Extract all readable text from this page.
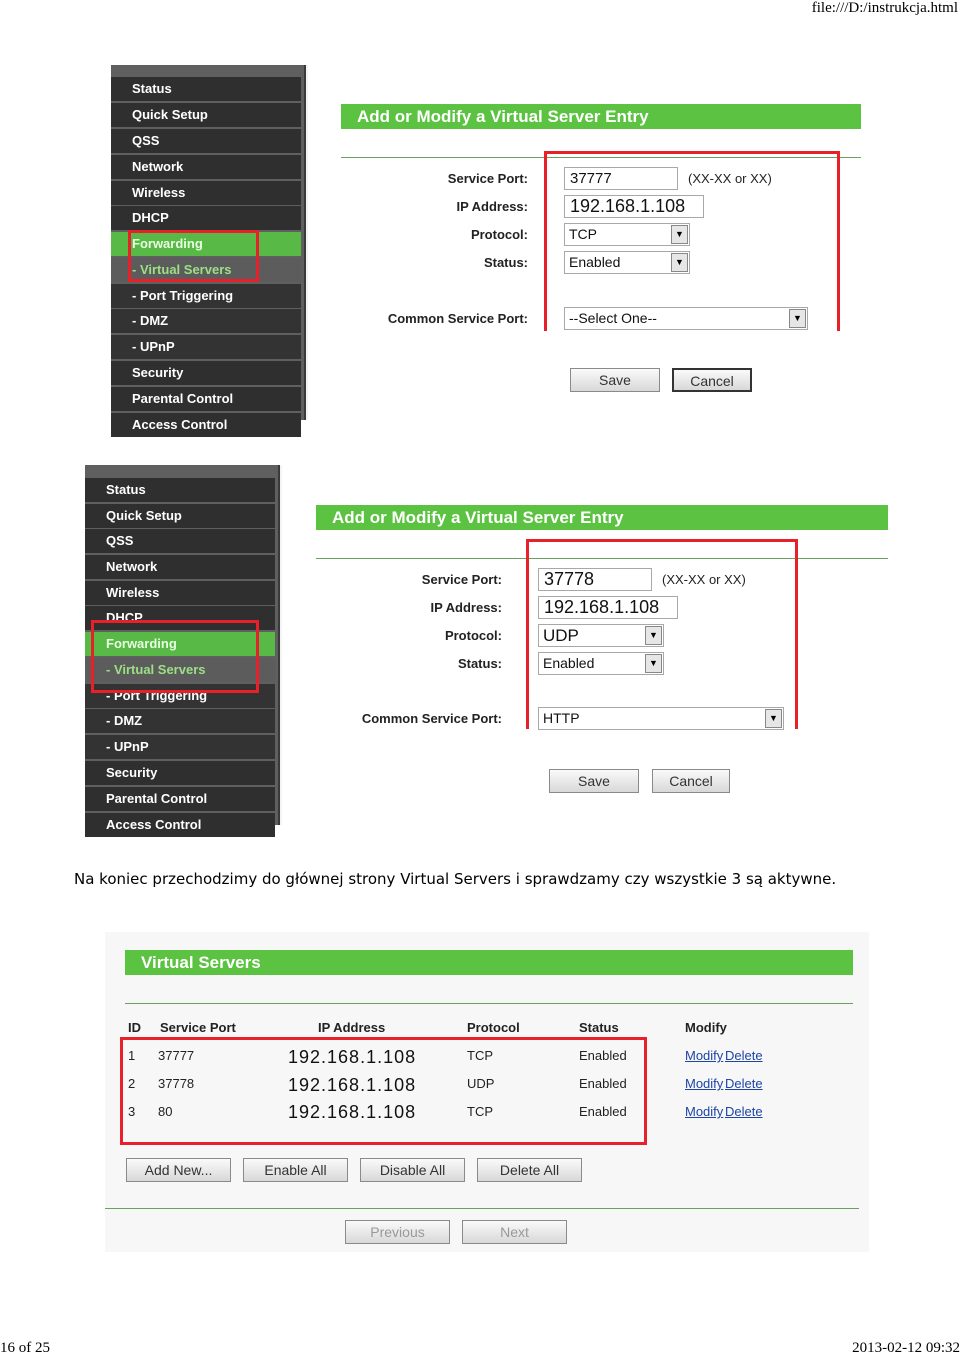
file:///D:/instrukcja.html
16 of 25	2013-02-12 09:32
Status
Quick Setup
QSS
Network
Wireless
DHCP
Forwarding
- Virtual Servers
- Port Triggering
- DMZ
- UPnP
Security
Parental Control
Access Control
Add or Modify a Virtual Server Entry
Service Port:	37777	(XX-XX or XX)
IP Address:	192.168.1.108
Protocol:	TCP	▼
Status:	Enabled	▼
Common Service Port:	--Select One--	▼
Save	Cancel
Status
Quick Setup
QSS
Network
Wireless
DHCP
Forwarding
- Virtual Servers
- Port Triggering
- DMZ
- UPnP
Security
Parental Control
Access Control
Add or Modify a Virtual Server Entry
Service Port:	37778	(XX-XX or XX)
IP Address:	192.168.1.108
Protocol: UDP	▼
Status:	Enabled	▼
Common Service Port:	HTTP	▼
Save	Cancel
Na koniec przechodzimy do głównej strony Virtual Servers i sprawdzamy czy wszystkie 3 są aktywne.
Virtual Servers
ID Service Port	IP Address	Protocol	Status	Modify
1 37777	192.168.1.108	TCP	Enabled	Modify Delete
2 37778	192.168.1.108	UDP	Enabled	Modify Delete
3 80	192.168.1.108	TCP	Enabled	Modify Delete
Add New...	Enable All	Disable All	Delete All
Previous	Next
